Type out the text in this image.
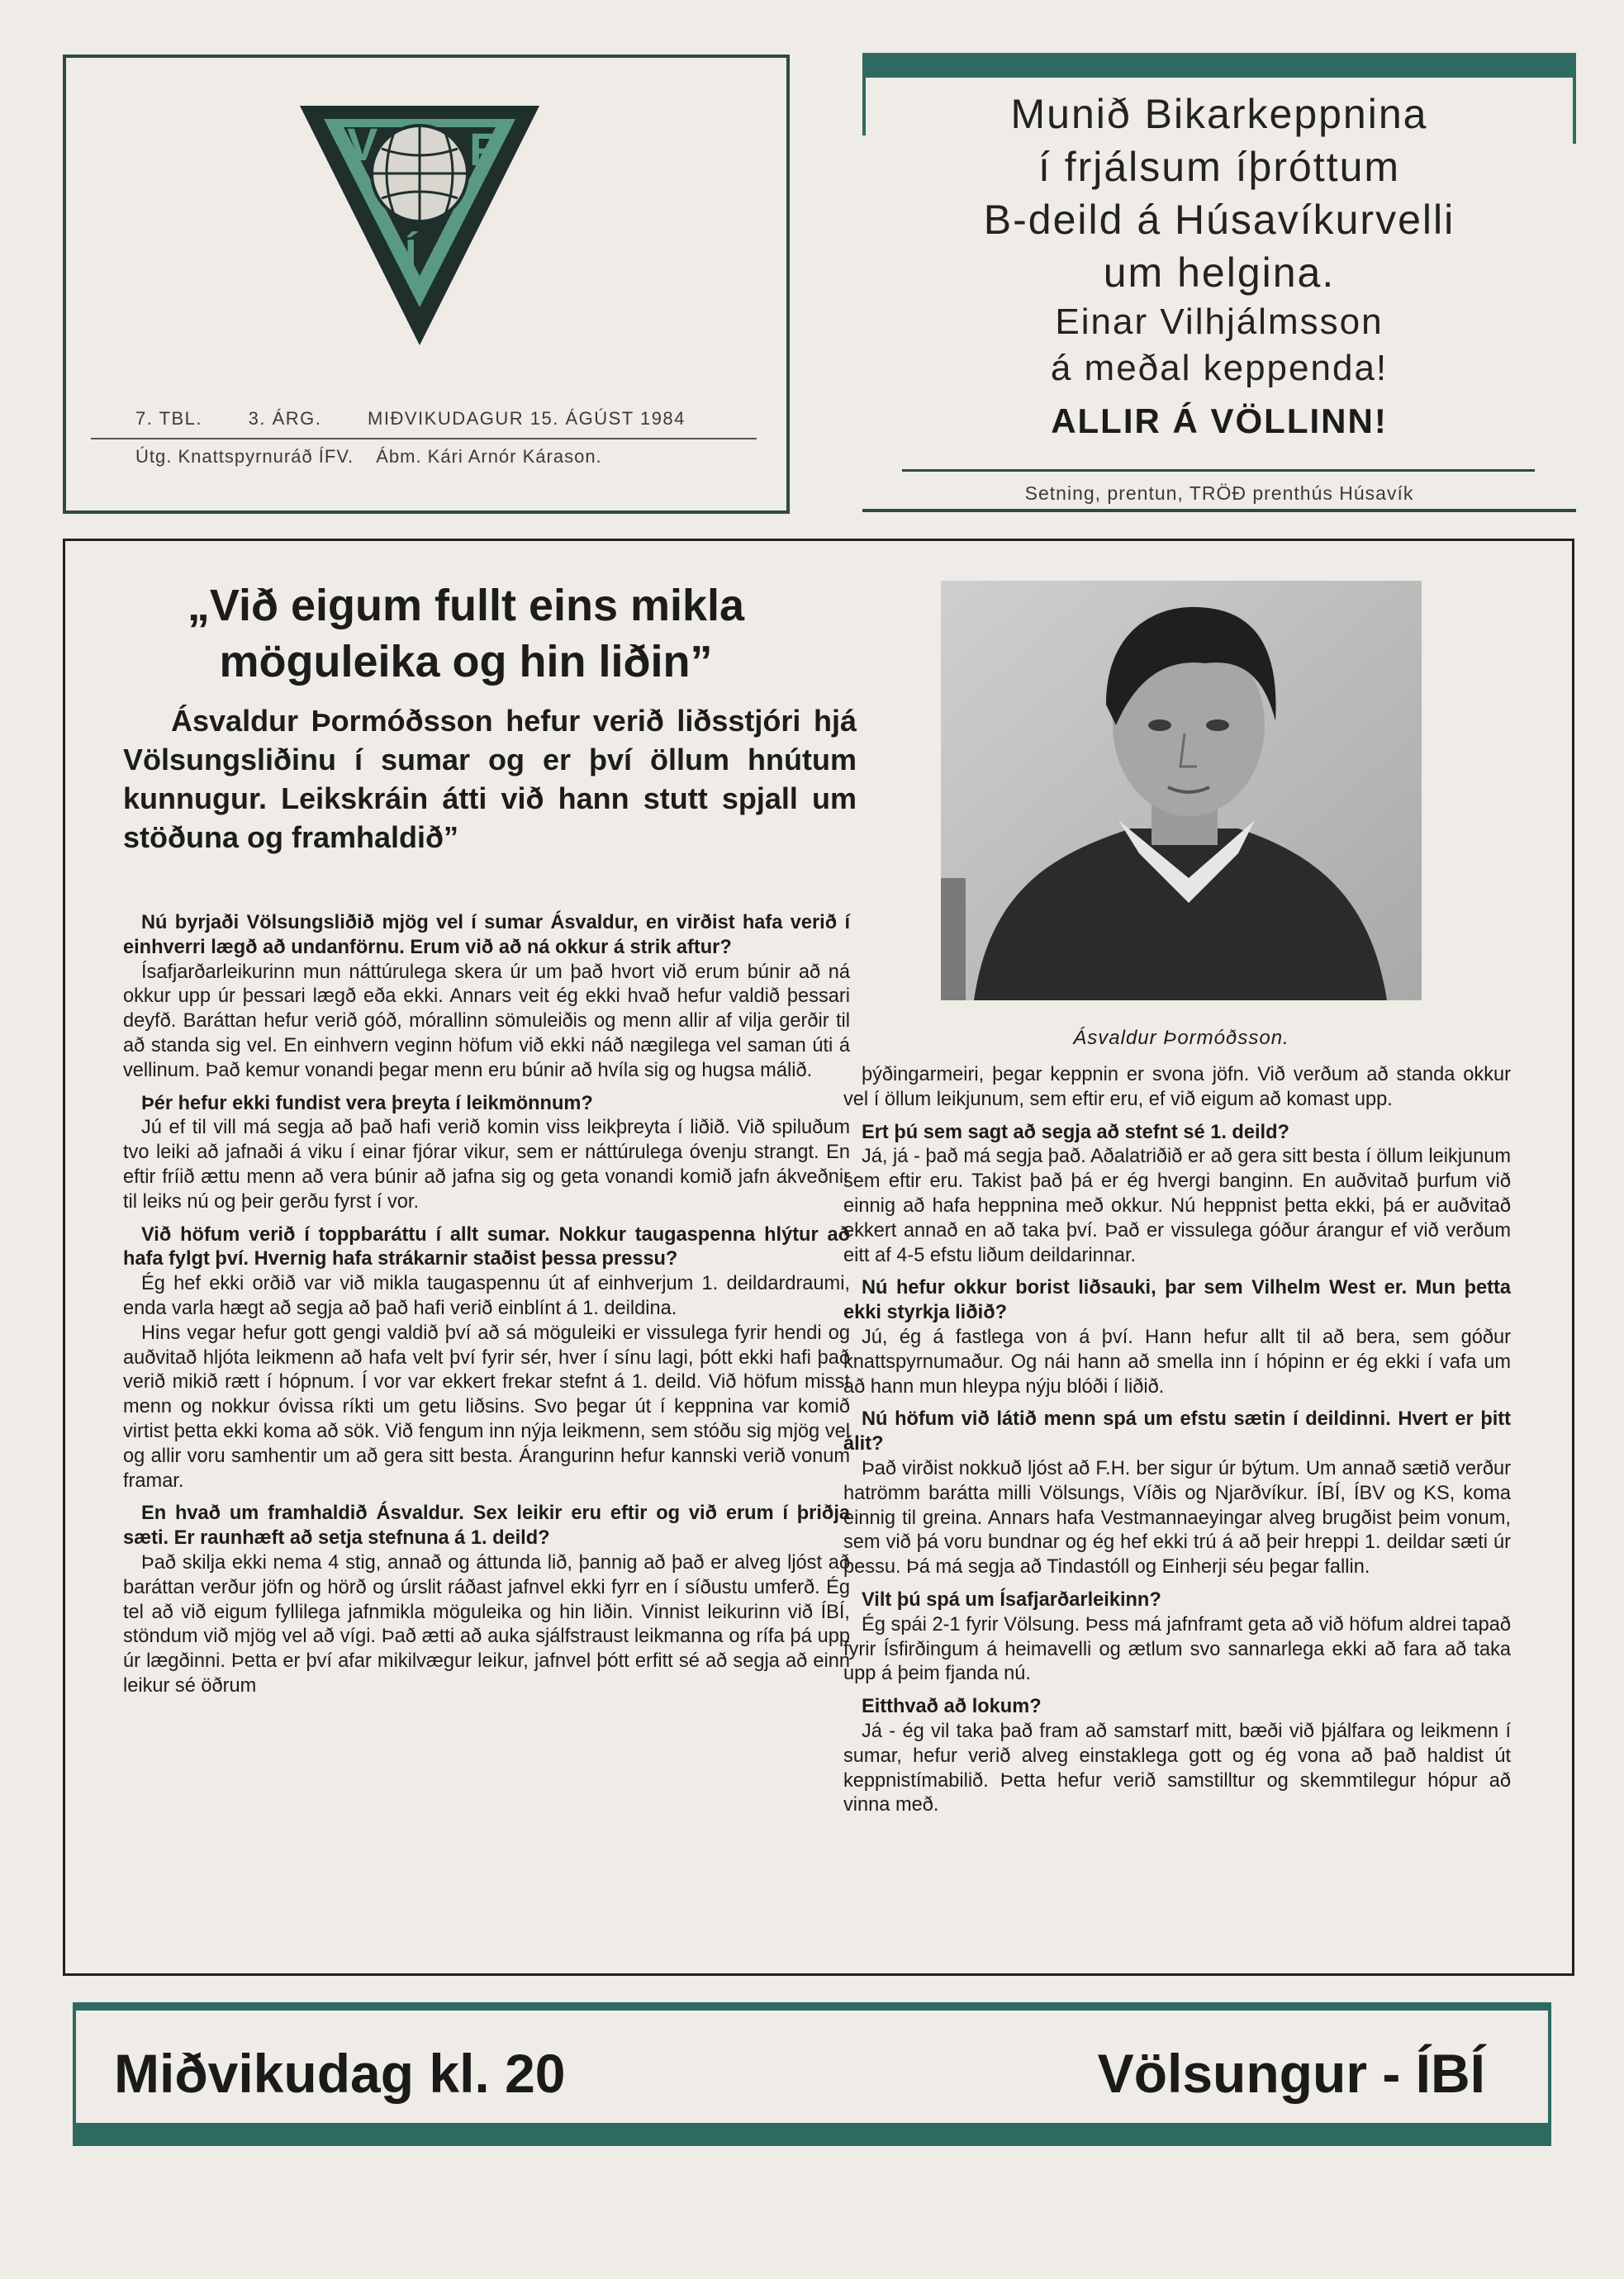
V F
Í
7. TBL.	3. ÁRG.	MIÐVIKUDAGUR 15. ÁGÚST 1984
Útg. Knattspyrnuráð ÍFV. Ábm. Kári Arnór Kárason.
Munið Bikarkeppnina
í frjálsum íþróttum
B-deild á Húsavíkurvelli
um helgina.
Einar Vilhjálmsson
á meðal keppenda!
ALLIR Á VÖLLINN!
Setning, prentun, TRÖÐ prenthús Húsavík
„Við eigum fullt eins mikla
möguleika og hin liðin”
Ásvaldur Þormóðsson hefur verið liðsstjóri hjá Völsungsliðinu í sumar og er því öllum hnútum kunnugur. Leikskráin átti við hann stutt spjall um stöðuna og framhaldið”

Nú byrjaði Völsungsliðið mjög vel í sumar Ásvaldur, en virðist hafa verið í einhverri lægð að undanförnu. Erum við að ná okkur á strik aftur?

Ísafjarðarleikurinn mun náttúrulega skera úr um það hvort við erum búnir að ná okkur upp úr þessari lægð eða ekki. Annars veit ég ekki hvað hefur valdið þessari deyfð. Baráttan hefur verið góð, mórallinn sömuleiðis og menn allir af vilja gerðir til að standa sig vel. En einhvern veginn höfum við ekki náð nægilega vel saman úti á vellinum. Það kemur vonandi þegar menn eru búnir að hvíla sig og hugsa málið.

Þér hefur ekki fundist vera þreyta í leikmönnum?

Jú ef til vill má segja að það hafi verið komin viss leikþreyta í liðið. Við spiluðum tvo leiki að jafnaði á viku í einar fjórar vikur, sem er náttúrulega óvenju strangt. En eftir fríið ættu menn að vera búnir að jafna sig og geta vonandi komið jafn ákveðnir til leiks nú og þeir gerðu fyrst í vor.

Við höfum verið í toppbaráttu í allt sumar. Nokkur taugaspenna hlýtur að hafa fylgt því. Hvernig hafa strákarnir staðist þessa pressu?

Ég hef ekki orðið var við mikla taugaspennu út af einhverjum 1. deildardraumi, enda varla hægt að segja að það hafi verið einblínt á 1. deildina.

Hins vegar hefur gott gengi valdið því að sá möguleiki er vissulega fyrir hendi og auðvitað hljóta leikmenn að hafa velt því fyrir sér, hver í sínu lagi, þótt ekki hafi það verið mikið rætt í hópnum. Í vor var ekkert frekar stefnt á 1. deild. Við höfum misst menn og nokkur óvissa ríkti um getu liðsins. Svo þegar út í keppnina var komið virtist þetta ekki koma að sök. Við fengum inn nýja leikmenn, sem stóðu sig mjög vel og allir voru samhentir um að gera sitt besta. Árangurinn hefur kannski verið vonum framar.

En hvað um framhaldið Ásvaldur. Sex leikir eru eftir og við erum í þriðja sæti. Er raunhæft að setja stefnuna á 1. deild?

Það skilja ekki nema 4 stig, annað og áttunda lið, þannig að það er alveg ljóst að baráttan verður jöfn og hörð og úrslit ráðast jafnvel ekki fyrr en í síðustu umferð. Ég tel að við eigum fyllilega jafnmikla möguleika og hin liðin. Vinnist leikurinn við ÍBÍ, stöndum við mjög vel að vígi. Það ætti að auka sjálfstraust leikmanna og rífa þá upp úr lægðinni. Þetta er því afar mikilvægur leikur, jafnvel þótt erfitt sé að segja að einn leikur sé öðrum

Ásvaldur Þormóðsson.

þýðingarmeiri, þegar keppnin er svona jöfn. Við verðum að standa okkur vel í öllum leikjunum, sem eftir eru, ef við eigum að komast upp.

Ert þú sem sagt að segja að stefnt sé 1. deild?

Já, já - það má segja það. Aðalatriðið er að gera sitt besta í öllum leikjunum sem eftir eru. Takist það þá er ég hvergi banginn. En auðvitað þurfum við einnig að hafa heppnina með okkur. Nú heppnist þetta ekki, þá er auðvitað ekkert annað en að taka því. Það er vissulega góður árangur ef við verðum eitt af 4-5 efstu liðum deildarinnar.

Nú hefur okkur borist liðsauki, þar sem Vilhelm West er. Mun þetta ekki styrkja liðið?

Jú, ég á fastlega von á því. Hann hefur allt til að bera, sem góður knattspyrnumaður. Og nái hann að smella inn í hópinn er ég ekki í vafa um að hann mun hleypa nýju blóði í liðið.

Nú höfum við látið menn spá um efstu sætin í deildinni. Hvert er þitt álit?

Það virðist nokkuð ljóst að F.H. ber sigur úr býtum. Um annað sætið verður hatrömm barátta milli Völsungs, Víðis og Njarðvíkur. ÍBÍ, ÍBV og KS, koma einnig til greina. Annars hafa Vestmannaeyingar alveg brugðist þeim vonum, sem við þá voru bundnar og ég hef ekki trú á að þeir hreppi 1. deildar sæti úr þessu. Þá má segja að Tindastóll og Einherji séu þegar fallin.

Vilt þú spá um Ísafjarðarleikinn?

Ég spái 2-1 fyrir Völsung. Þess má jafnframt geta að við höfum aldrei tapað fyrir Ísfirðingum á heimavelli og ætlum svo sannarlega ekki að fara að taka upp á þeim fjanda nú.

Eitthvað að lokum?

Já - ég vil taka það fram að samstarf mitt, bæði við þjálfara og leikmenn í sumar, hefur verið alveg einstaklega gott og ég vona að það haldist út keppnistímabilið. Þetta hefur verið samstilltur og skemmtilegur hópur að vinna með.

Miðvikudag kl. 20	Völsungur - ÍBÍ
